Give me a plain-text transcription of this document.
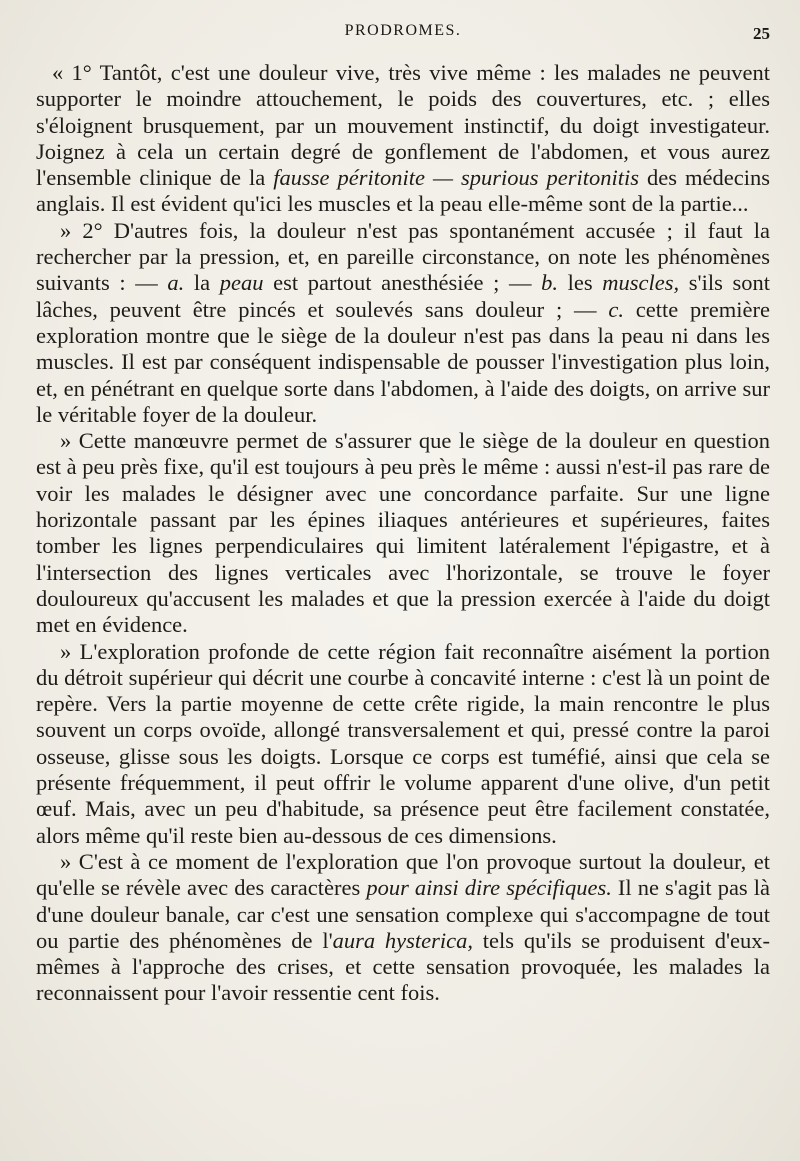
PRODROMES.	25

« 1° Tantôt, c'est une douleur vive, très vive même : les malades ne peuvent supporter le moindre attouchement, le poids des couvertures, etc. ; elles s'éloignent brusquement, par un mouvement instinctif, du doigt investigateur. Joignez à cela un certain degré de gonflement de l'abdomen, et vous aurez l'ensemble clinique de la fausse péritonite — spurious peritonitis des médecins anglais. Il est évident qu'ici les muscles et la peau elle-même sont de la partie...

» 2° D'autres fois, la douleur n'est pas spontanément accusée ; il faut la rechercher par la pression, et, en pareille circonstance, on note les phénomènes suivants : — a. la peau est partout anesthésiée ; — b. les muscles, s'ils sont lâches, peuvent être pincés et soulevés sans douleur ; — c. cette première exploration montre que le siège de la douleur n'est pas dans la peau ni dans les muscles. Il est par conséquent indispensable de pousser l'investigation plus loin, et, en pénétrant en quelque sorte dans l'abdomen, à l'aide des doigts, on arrive sur le véritable foyer de la douleur.

» Cette manœuvre permet de s'assurer que le siège de la douleur en question est à peu près fixe, qu'il est toujours à peu près le même : aussi n'est-il pas rare de voir les malades le désigner avec une concordance parfaite. Sur une ligne horizontale passant par les épines iliaques antérieures et supérieures, faites tomber les lignes perpendiculaires qui limitent latéralement l'épigastre, et à l'intersection des lignes verticales avec l'horizontale, se trouve le foyer douloureux qu'accusent les malades et que la pression exercée à l'aide du doigt met en évidence.

» L'exploration profonde de cette région fait reconnaître aisément la portion du détroit supérieur qui décrit une courbe à concavité interne : c'est là un point de repère. Vers la partie moyenne de cette crête rigide, la main rencontre le plus souvent un corps ovoïde, allongé transversalement et qui, pressé contre la paroi osseuse, glisse sous les doigts. Lorsque ce corps est tuméfié, ainsi que cela se présente fréquemment, il peut offrir le volume apparent d'une olive, d'un petit œuf. Mais, avec un peu d'habitude, sa présence peut être facilement constatée, alors même qu'il reste bien au-dessous de ces dimensions.

» C'est à ce moment de l'exploration que l'on provoque surtout la douleur, et qu'elle se révèle avec des caractères pour ainsi dire spécifiques. Il ne s'agit pas là d'une douleur banale, car c'est une sensation complexe qui s'accompagne de tout ou partie des phénomènes de l'aura hysterica, tels qu'ils se produisent d'eux-mêmes à l'approche des crises, et cette sensation provoquée, les malades la reconnaissent pour l'avoir ressentie cent fois.
